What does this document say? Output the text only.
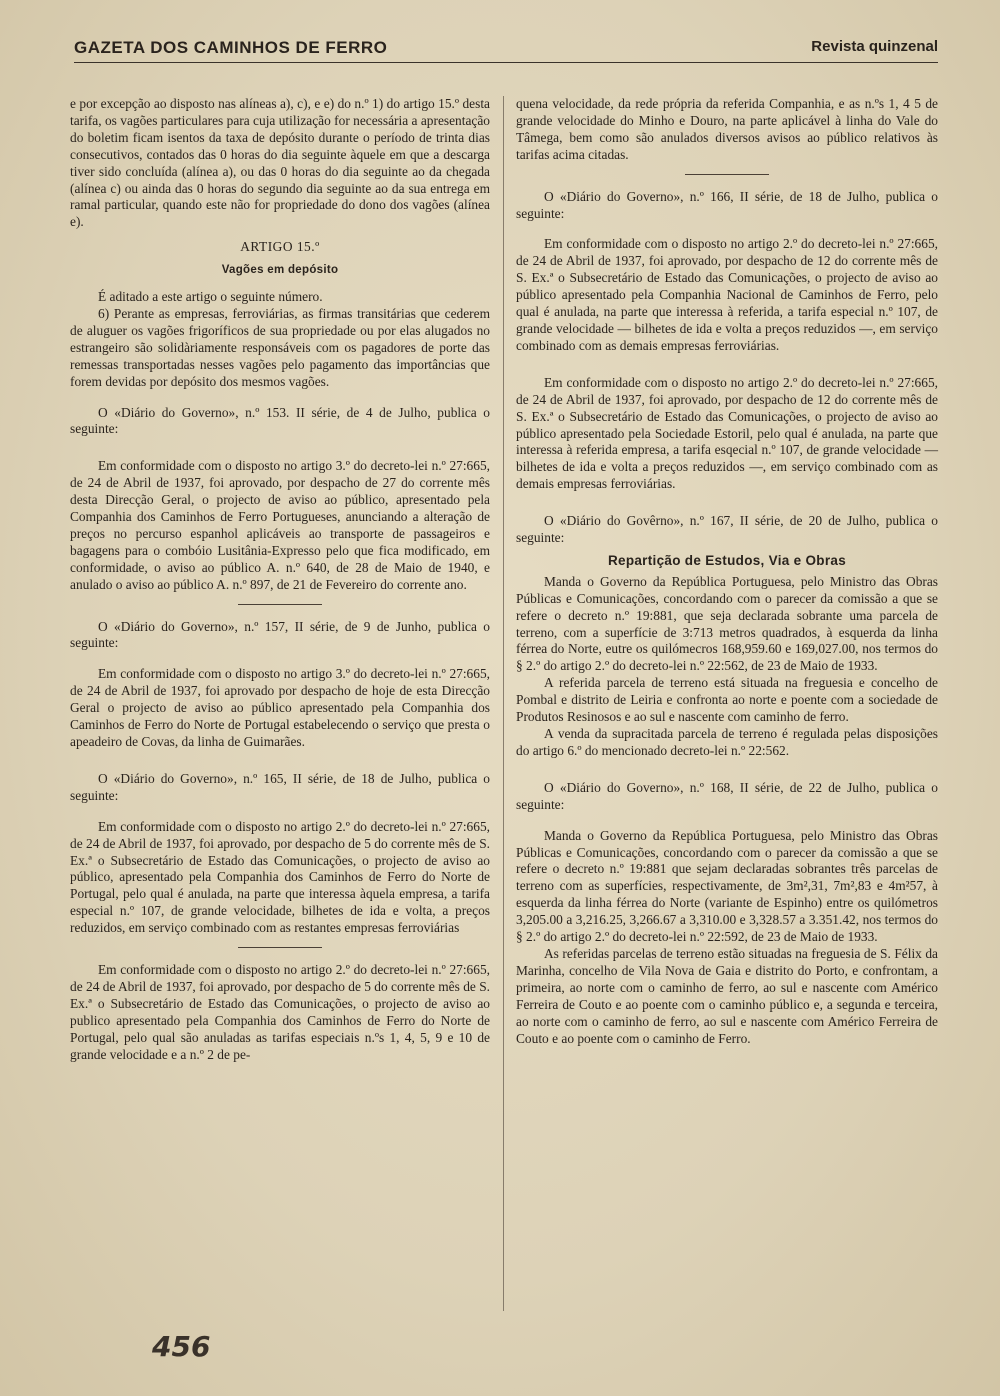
GAZETA DOS CAMINHOS DE FERRO	Revista quinzenal

e por excepção ao disposto nas alíneas a), c), e e) do n.º 1) do artigo 15.º desta tarifa, os vagões particulares para cuja utilização for necessária a apresentação do boletim ficam isentos da taxa de depósito durante o período de trinta dias consecutivos, contados das 0 horas do dia seguinte àquele em que a descarga tiver sido concluída (alínea a), ou das 0 horas do dia seguinte ao da chegada (alínea c) ou ainda das 0 horas do segundo dia seguinte ao da sua entrega em ramal particular, quando este não for propriedade do dono dos vagões (alínea e).

ARTIGO 15.º
Vagões em depósito

É aditado a este artigo o seguinte número.

6) Perante as empresas, ferroviárias, as firmas transitárias que cederem de aluguer os vagões frigoríficos de sua propriedade ou por elas alugados no estrangeiro são solidàriamente responsáveis com os pagadores de porte das remessas transportadas nesses vagões pelo pagamento das importâncias que forem devidas por depósito dos mesmos vagões.

O «Diário do Governo», n.º 153. II série, de 4 de Julho, publica o seguinte:

Em conformidade com o disposto no artigo 3.º do decreto-lei n.º 27:665, de 24 de Abril de 1937, foi aprovado, por despacho de 27 do corrente mês desta Direcção Geral, o projecto de aviso ao público, apresentado pela Companhia dos Caminhos de Ferro Portugueses, anunciando a alteração de preços no percurso espanhol aplicáveis ao transporte de passageiros e bagagens para o combóio Lusitânia-Expresso pelo que fica modificado, em conformidade, o aviso ao público A. n.º 640, de 28 de Maio de 1940, e anulado o aviso ao público A. n.º 897, de 21 de Fevereiro do corrente ano.

O «Diário do Governo», n.º 157, II série, de 9 de Junho, publica o seguinte:

Em conformidade com o disposto no artigo 3.º do decreto-lei n.º 27:665, de 24 de Abril de 1937, foi aprovado por despacho de hoje de esta Direcção Geral o projecto de aviso ao público apresentado pela Companhia dos Caminhos de Ferro do Norte de Portugal estabelecendo o serviço que presta o apeadeiro de Covas, da linha de Guimarães.

O «Diário do Governo», n.º 165, II série, de 18 de Julho, publica o seguinte:

Em conformidade com o disposto no artigo 2.º do decreto-lei n.º 27:665, de 24 de Abril de 1937, foi aprovado, por despacho de 5 do corrente mês de S. Ex.ª o Subsecretário de Estado das Comunicações, o projecto de aviso ao público, apresentado pela Companhia dos Caminhos de Ferro do Norte de Portugal, pelo qual é anulada, na parte que interessa àquela empresa, a tarifa especial n.º 107, de grande velocidade, bilhetes de ida e volta, a preços reduzidos, em serviço combinado com as restantes empresas ferroviárias

Em conformidade com o disposto no artigo 2.º do decreto-lei n.º 27:665, de 24 de Abril de 1937, foi aprovado, por despacho de 5 do corrente mês de S. Ex.ª o Subsecretário de Estado das Comunicações, o projecto de aviso ao publico apresentado pela Companhia dos Caminhos de Ferro do Norte de Portugal, pelo qual são anuladas as tarifas especiais n.ºs 1, 4, 5, 9 e 10 de grande velocidade e a n.º 2 de pe-

quena velocidade, da rede própria da referida Companhia, e as n.ºs 1, 4 5 de grande velocidade do Minho e Douro, na parte aplicável à linha do Vale do Tâmega, bem como são anulados diversos avisos ao público relativos às tarifas acima citadas.

O «Diário do Governo», n.º 166, II série, de 18 de Julho, publica o seguinte:

Em conformidade com o disposto no artigo 2.º do decreto-lei n.º 27:665, de 24 de Abril de 1937, foi aprovado, por despacho de 12 do corrente mês de S. Ex.ª o Subsecretário de Estado das Comunicações, o projecto de aviso ao público apresentado pela Companhia Nacional de Caminhos de Ferro, pelo qual é anulada, na parte que interessa à referida, a tarifa especial n.º 107, de grande velocidade — bilhetes de ida e volta a preços reduzidos —, em serviço combinado com as demais empresas ferroviárias.

Em conformidade com o disposto no artigo 2.º do decreto-lei n.º 27:665, de 24 de Abril de 1937, foi aprovado, por despacho de 12 do corrente mês de S. Ex.ª o Subsecretário de Estado das Comunicações, o projecto de aviso ao público apresentado pela Sociedade Estoril, pelo qual é anulada, na parte que interessa à referida empresa, a tarifa esqecial n.º 107, de grande velocidade — bilhetes de ida e volta a preços reduzidos —, em serviço combinado com as demais empresas ferroviárias.

O «Diário do Govêrno», n.º 167, II série, de 20 de Julho, publica o seguinte:

Repartição de Estudos, Via e Obras

Manda o Governo da República Portuguesa, pelo Ministro das Obras Públicas e Comunicações, concordando com o parecer da comissão a que se refere o decreto n.º 19:881, que seja declarada sobrante uma parcela de terreno, com a superfície de 3:713 metros quadrados, à esquerda da linha férrea do Norte, eutre os quilómecros 168,959.60 e 169,027.00, nos termos do § 2.º do artigo 2.º do decreto-lei n.º 22:562, de 23 de Maio de 1933.

A referida parcela de terreno está situada na freguesia e concelho de Pombal e distrito de Leiria e confronta ao norte e poente com a sociedade de Produtos Resinosos e ao sul e nascente com caminho de ferro.

A venda da supracitada parcela de terreno é regulada pelas disposições do artigo 6.º do mencionado decreto-lei n.º 22:562.

O «Diário do Governo», n.º 168, II série, de 22 de Julho, publica o seguinte:

Manda o Governo da República Portuguesa, pelo Ministro das Obras Públicas e Comunicações, concordando com o parecer da comissão a que se refere o decreto n.º 19:881 que sejam declaradas sobrantes três parcelas de terreno com as superfícies, respectivamente, de 3m²,31, 7m²,83 e 4m²57, à esquerda da linha férrea do Norte (variante de Espinho) entre os quilómetros 3,205.00 a 3,216.25, 3,266.67 a 3,310.00 e 3,328.57 a 3.351.42, nos termos do § 2.º do artigo 2.º do decreto-lei n.º 22:592, de 23 de Maio de 1933.

As referidas parcelas de terreno estão situadas na freguesia de S. Félix da Marinha, concelho de Vila Nova de Gaia e distrito do Porto, e confrontam, a primeira, ao norte com o caminho de ferro, ao sul e nascente com Américo Ferreira de Couto e ao poente com o caminho público e, a segunda e terceira, ao norte com o caminho de ferro, ao sul e nascente com Américo Ferreira de Couto e ao poente com o caminho de Ferro.

456
